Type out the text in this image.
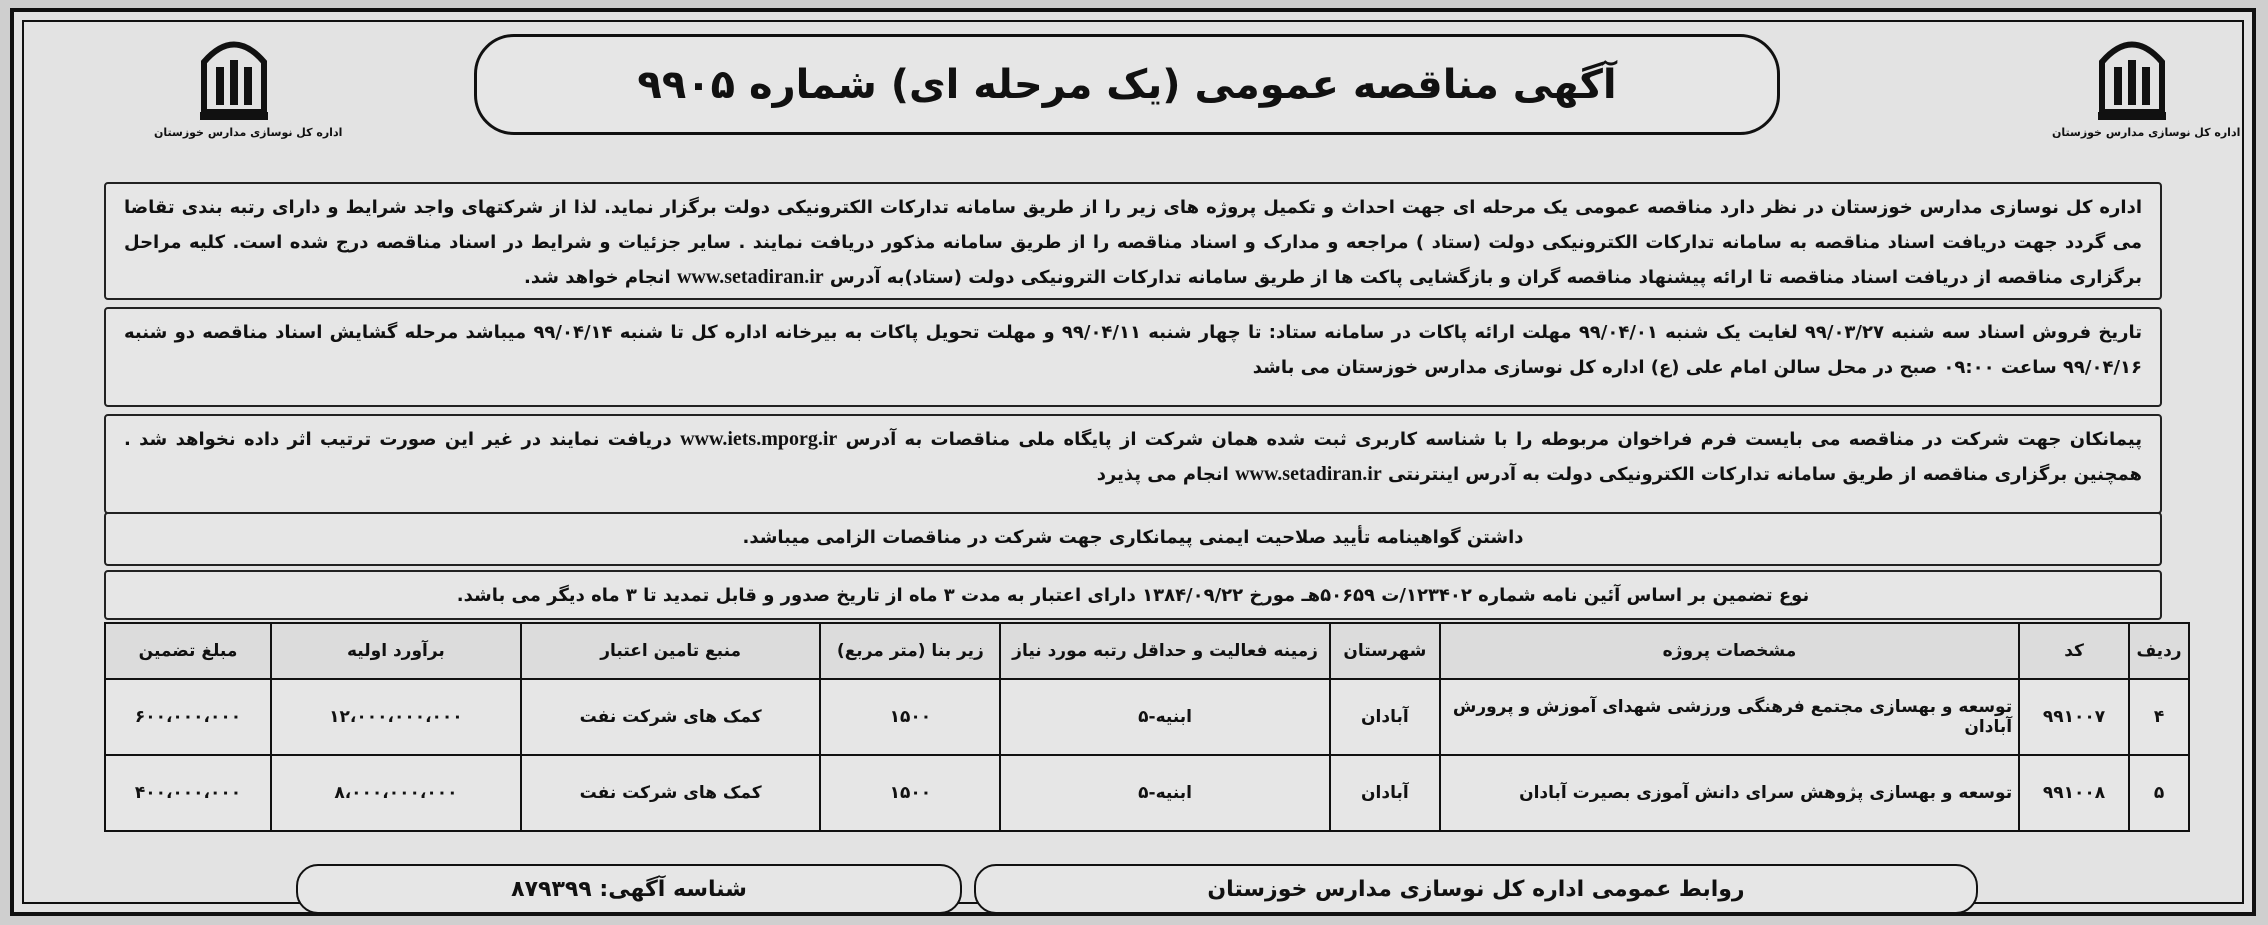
اداره کل نوسازی مدارس خوزستان
اداره کل نوسازی مدارس خوزستان
آگهی مناقصه عمومی (یک مرحله ای) شماره ۹۹۰۵
اداره کل نوسازی مدارس خوزستان در نظر دارد مناقصه عمومی یک مرحله ای جهت احداث و تکمیل پروژه های زیر را از طریق سامانه تدارکات الکترونیکی دولت برگزار نماید. لذا از شرکتهای واجد شرایط و دارای رتبه بندی تقاضا می گردد جهت دریافت اسناد مناقصه به سامانه تدارکات الکترونیکی دولت (ستاد ) مراجعه و مدارک و اسناد مناقصه را از طریق سامانه مذکور دریافت نمایند . سایر جزئیات و شرایط در اسناد مناقصه درج شده است. کلیه مراحل برگزاری مناقصه از دریافت اسناد مناقصه تا ارائه پیشنهاد مناقصه گران و بازگشایی پاکت ها از طریق سامانه تدارکات الترونیکی دولت (ستاد)به آدرس www.setadiran.ir انجام خواهد شد.
تاریخ فروش اسناد سه شنبه ۹۹/۰۳/۲۷ لغایت یک شنبه ۹۹/۰۴/۰۱ مهلت ارائه پاکات در سامانه ستاد: تا چهار شنبه ۹۹/۰۴/۱۱ و مهلت تحویل پاکات به بیرخانه اداره کل تا شنبه ۹۹/۰۴/۱۴ میباشد مرحله گشایش اسناد مناقصه دو شنبه ۹۹/۰۴/۱۶ ساعت ۰۹:۰۰ صبح در محل سالن امام علی (ع) اداره کل نوسازی مدارس خوزستان می باشد
پیمانکان جهت شرکت در مناقصه می بایست فرم فراخوان مربوطه را با شناسه کاربری ثبت شده همان شرکت از پایگاه ملی مناقصات به آدرس www.iets.mporg.ir دریافت نمایند در غیر این صورت ترتیب اثر داده نخواهد شد . همچنین برگزاری مناقصه از طریق سامانه تدارکات الکترونیکی دولت به آدرس اینترنتی www.setadiran.ir انجام می پذیرد
داشتن گواهینامه تأیید صلاحیت ایمنی پیمانکاری جهت شرکت در مناقصات الزامی میباشد.
نوع تضمین بر اساس آئین نامه شماره ۱۲۳۴۰۲/ت ۵۰۶۵۹هـ مورخ ۱۳۸۴/۰۹/۲۲ دارای اعتبار به مدت ۳ ماه از تاریخ صدور و قابل تمدید تا ۳ ماه دیگر می باشد.
ردیف	کد	مشخصات پروژه	شهرستان	زمینه فعالیت و حداقل رتبه مورد نیاز	زیر بنا (متر مربع)	منبع تامین اعتبار	برآورد اولیه	مبلغ تضمین
۴	۹۹۱۰۰۷	توسعه و بهسازی مجتمع فرهنگی ورزشی شهدای آموزش و پرورش آبادان	آبادان	ابنیه-۵	۱۵۰۰	کمک های شرکت نفت	۱۲،۰۰۰،۰۰۰،۰۰۰	۶۰۰،۰۰۰،۰۰۰
۵	۹۹۱۰۰۸	توسعه و بهسازی پژوهش سرای دانش آموزی بصیرت آبادان	آبادان	ابنیه-۵	۱۵۰۰	کمک های شرکت نفت	۸،۰۰۰،۰۰۰،۰۰۰	۴۰۰،۰۰۰،۰۰۰
روابط عمومی اداره کل نوسازی مدارس خوزستان
شناسه آگهی: ۸۷۹۳۹۹
